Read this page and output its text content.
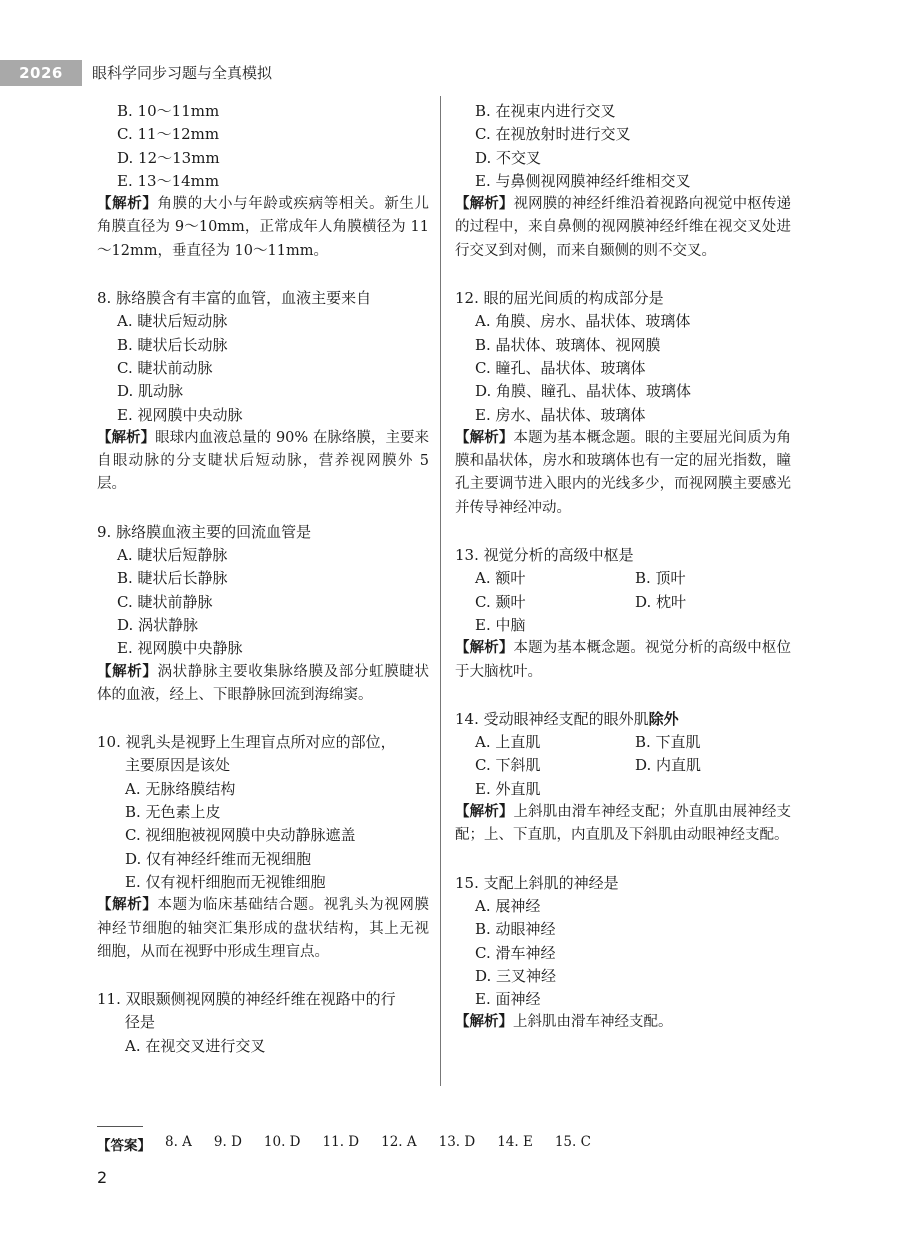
2026	眼科学同步习题与全真模拟

B. 10～11mm

C. 11～12mm

D. 12～13mm

E. 13～14mm

【解析】角膜的大小与年龄或疾病等相关。新生儿角膜直径为 9～10mm，正常成年人角膜横径为 11～12mm，垂直径为 10～11mm。

8. 脉络膜含有丰富的血管，血液主要来自

A. 睫状后短动脉

B. 睫状后长动脉

C. 睫状前动脉

D. 肌动脉

E. 视网膜中央动脉

【解析】眼球内血液总量的 90% 在脉络膜，主要来自眼动脉的分支睫状后短动脉，营养视网膜外 5 层。

9. 脉络膜血液主要的回流血管是

A. 睫状后短静脉

B. 睫状后长静脉

C. 睫状前静脉

D. 涡状静脉

E. 视网膜中央静脉

【解析】涡状静脉主要收集脉络膜及部分虹膜睫状体的血液，经上、下眼静脉回流到海绵窦。

10. 视乳头是视野上生理盲点所对应的部位，

主要原因是该处

A. 无脉络膜结构

B. 无色素上皮

C. 视细胞被视网膜中央动静脉遮盖

D. 仅有神经纤维而无视细胞

E. 仅有视杆细胞而无视锥细胞

【解析】本题为临床基础结合题。视乳头为视网膜神经节细胞的轴突汇集形成的盘状结构，其上无视细胞，从而在视野中形成生理盲点。

11. 双眼颞侧视网膜的神经纤维在视路中的行

径是

A. 在视交叉进行交叉

B. 在视束内进行交叉

C. 在视放射时进行交叉

D. 不交叉

E. 与鼻侧视网膜神经纤维相交叉

【解析】视网膜的神经纤维沿着视路向视觉中枢传递的过程中，来自鼻侧的视网膜神经纤维在视交叉处进行交叉到对侧，而来自颞侧的则不交叉。

12. 眼的屈光间质的构成部分是

A. 角膜、房水、晶状体、玻璃体

B. 晶状体、玻璃体、视网膜

C. 瞳孔、晶状体、玻璃体

D. 角膜、瞳孔、晶状体、玻璃体

E. 房水、晶状体、玻璃体

【解析】本题为基本概念题。眼的主要屈光间质为角膜和晶状体，房水和玻璃体也有一定的屈光指数，瞳孔主要调节进入眼内的光线多少，而视网膜主要感光并传导神经冲动。

13. 视觉分析的高级中枢是

A. 额叶	B. 顶叶
C. 颞叶	D. 枕叶

E. 中脑

【解析】本题为基本概念题。视觉分析的高级中枢位于大脑枕叶。

14. 受动眼神经支配的眼外肌除外

A. 上直肌	B. 下直肌
C. 下斜肌	D. 内直肌

E. 外直肌

【解析】上斜肌由滑车神经支配；外直肌由展神经支配；上、下直肌，内直肌及下斜肌由动眼神经支配。

15. 支配上斜肌的神经是

A. 展神经

B. 动眼神经

C. 滑车神经

D. 三叉神经

E. 面神经

【解析】上斜肌由滑车神经支配。

【答案】 8. A 9. D 10. D 11. D 12. A 13. D 14. E 15. C
2
